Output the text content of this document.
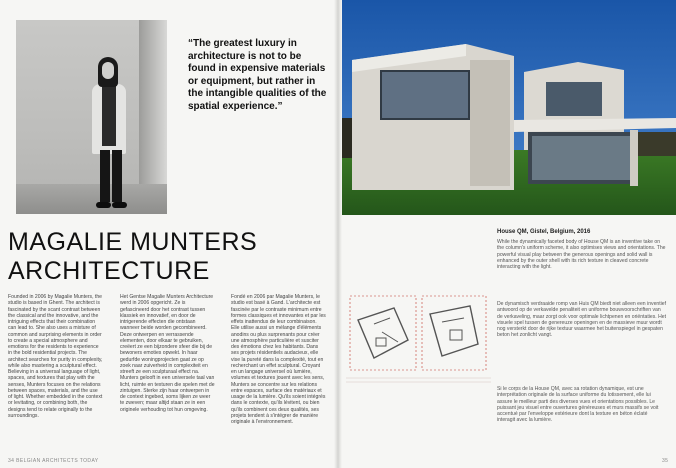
“The greatest luxury in architecture is not to be found in expensive materials or equipment, but rather in the intangible qualities of the spatial experience.”
MAGALIE MUNTERS
ARCHITECTURE
Founded in 2006 by Magalie Munters, the studio is based in Ghent. The architect is fascinated by the scant contrast between the classical and the innovative, and the intriguing effects that their combination can lead to. She also uses a mixture of common and surprising elements in order to create a special atmosphere and emotions for the residents to experience in the bold residential projects. The architect searches for purity in complexity, while also mastering a sculptural effect. Believing in a universal language of light, spaces, and textures that play with the senses, Munters focuses on the relations between spaces, materials, and the use of light. Whether embedded in the context or levitating, or combining both, the designs tend to relate originally to the surroundings.
Het Gentse Magalie Munters Architecture werd in 2006 opgericht. Ze is gefascineerd door het contrast tussen klassiek en innovatief, en door de intrigerende effecten die ontstaan wanneer beide worden gecombineerd. Deze ontwerpen en verrassende elementen, door elkaar te gebruiken, creëert ze een bijzondere sfeer die bij de bewoners emoties opwekt. In haar gedurfde woningprojecten gaat ze op zoek naar zuiverheid in complexiteit en streeft ze een sculpturaal effect na. Munters gelooft in een universele taal van licht, ruimte en texturen die spelen met de zintuigen. Sterke zijn haar ontwerpen in de context ingebed, soms lijken ze weer te zweven; maar altijd staan ze in een originele verhouding tot hun omgeving.
Fondé en 2006 par Magalie Munters, le studio est basé à Gand. L'architecte est fascinée par le contraste minimum entre formes classiques et innovantes et par les effets inattendus de leur combinaison. Elle utilise aussi un mélange d'éléments anodins ou plus surprenants pour créer une atmosphère particulière et susciter des émotions chez les habitants. Dans ses projets résidentiels audacieux, elle vise la pureté dans la complexité, tout en recherchant un effet sculptural. Croyant en un langage universel où lumière, volumes et textures jouent avec les sens, Munters se concentre sur les relations entre espaces, surface des matériaux et usage de la lumière. Qu'ils soient intégrés dans le contexte, qu'ils lévitent, ou bien qu'ils combinent ces deux qualités, ses projets tendent à s'intégrer de manière originale à l'environnement.
34 BELGIAN ARCHITECTS TODAY
House QM, Gistel, Belgium, 2016
While the dynamically faceted body of House QM is an inventive take on the column's uniform scheme, it also optimises views and orientations. The powerful visual play between the generous openings and solid wall is enhanced by the outer shell with its rich texture in cleaved concrete interacting with the light.
De dynamisch verdraaide romp van Huis QM biedt niet alleen een inventief antwoord op de verkavelde penaliteit en uniforme bouwvoorschriften van de verkaveling, maar zorgt ook voor optimale lichtpenen en oriëntaties. Het visuele spel tussen de genereuze openingen en de massieve muur wordt nog versterkt door de rijke textuur waarmee het buitenspiegel in gespaten beton het zonlicht vangt.
Si le corps de la House QM, avec sa rotation dynamique, est une interprétation originale de la surface uniforme du lotissement, elle lui assure le meilleur parti des diverses vues et orientations possibles. Le puissant jeu visuel entre ouvertures généreuses et murs massifs se voit accentué par l'enveloppe extérieure dont la texture en béton éclaté interagit avec la lumière.
35
